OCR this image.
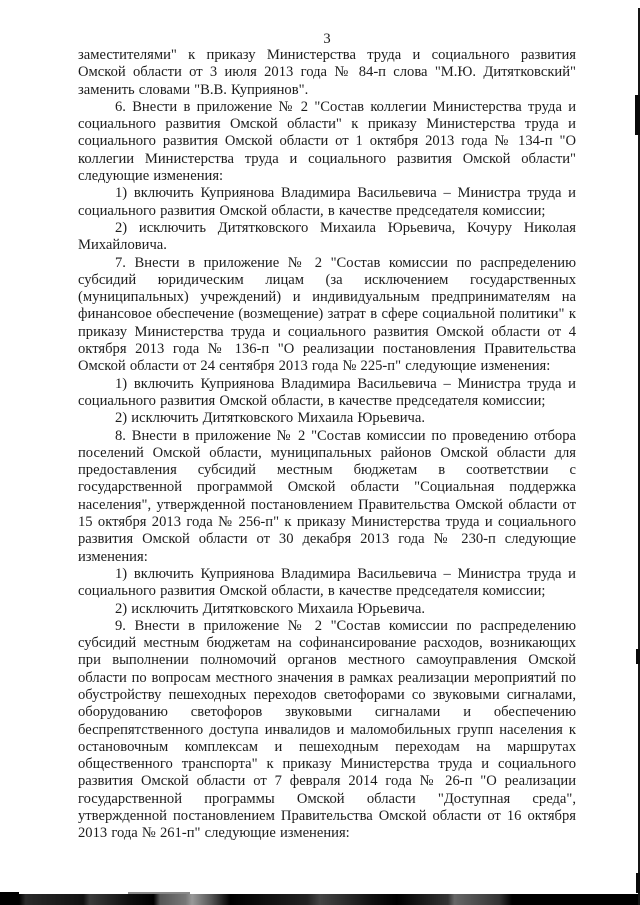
3

заместителями" к приказу Министерства труда и социального развития Омской области от 3 июля 2013 года № 84-п слова "М.Ю. Дитятковский" заменить словами "В.В. Куприянов".

6. Внести в приложение № 2 "Состав коллегии Министерства труда и социального развития Омской области" к приказу Министерства труда и социального развития Омской области от 1 октября 2013 года № 134-п "О коллегии Министерства труда и социального развития Омской области" следующие изменения:

1) включить Куприянова Владимира Васильевича – Министра труда и социального развития Омской области, в качестве председателя комиссии;

2) исключить Дитятковского Михаила Юрьевича, Кочуру Николая Михайловича.

7. Внести в приложение № 2 "Состав комиссии по распределению субсидий юридическим лицам (за исключением государственных (муниципальных) учреждений) и индивидуальным предпринимателям на финансовое обеспечение (возмещение) затрат в сфере социальной политики" к приказу Министерства труда и социального развития Омской области от 4 октября 2013 года № 136-п "О реализации постановления Правительства Омской области от 24 сентября 2013 года № 225-п" следующие изменения:

1) включить Куприянова Владимира Васильевича – Министра труда и социального развития Омской области, в качестве председателя комиссии;

2) исключить Дитятковского Михаила Юрьевича.

8. Внести в приложение № 2 "Состав комиссии по проведению отбора поселений Омской области, муниципальных районов Омской области для предоставления субсидий местным бюджетам в соответствии с государственной программой Омской области "Социальная поддержка населения", утвержденной постановлением Правительства Омской области от 15 октября 2013 года № 256-п" к приказу Министерства труда и социального развития Омской области от 30 декабря 2013 года № 230-п следующие изменения:

1) включить Куприянова Владимира Васильевича – Министра труда и социального развития Омской области, в качестве председателя комиссии;

2) исключить Дитятковского Михаила Юрьевича.

9. Внести в приложение № 2 "Состав комиссии по распределению субсидий местным бюджетам на софинансирование расходов, возникающих при выполнении полномочий органов местного самоуправления Омской области по вопросам местного значения в рамках реализации мероприятий по обустройству пешеходных переходов светофорами со звуковыми сигналами, оборудованию светофоров звуковыми сигналами и обеспечению беспрепятственного доступа инвалидов и маломобильных групп населения к остановочным комплексам и пешеходным переходам на маршрутах общественного транспорта" к приказу Министерства труда и социального развития Омской области от 7 февраля 2014 года № 26-п "О реализации государственной программы Омской области "Доступная среда", утвержденной постановлением Правительства Омской области от 16 октября 2013 года № 261-п" следующие изменения:
